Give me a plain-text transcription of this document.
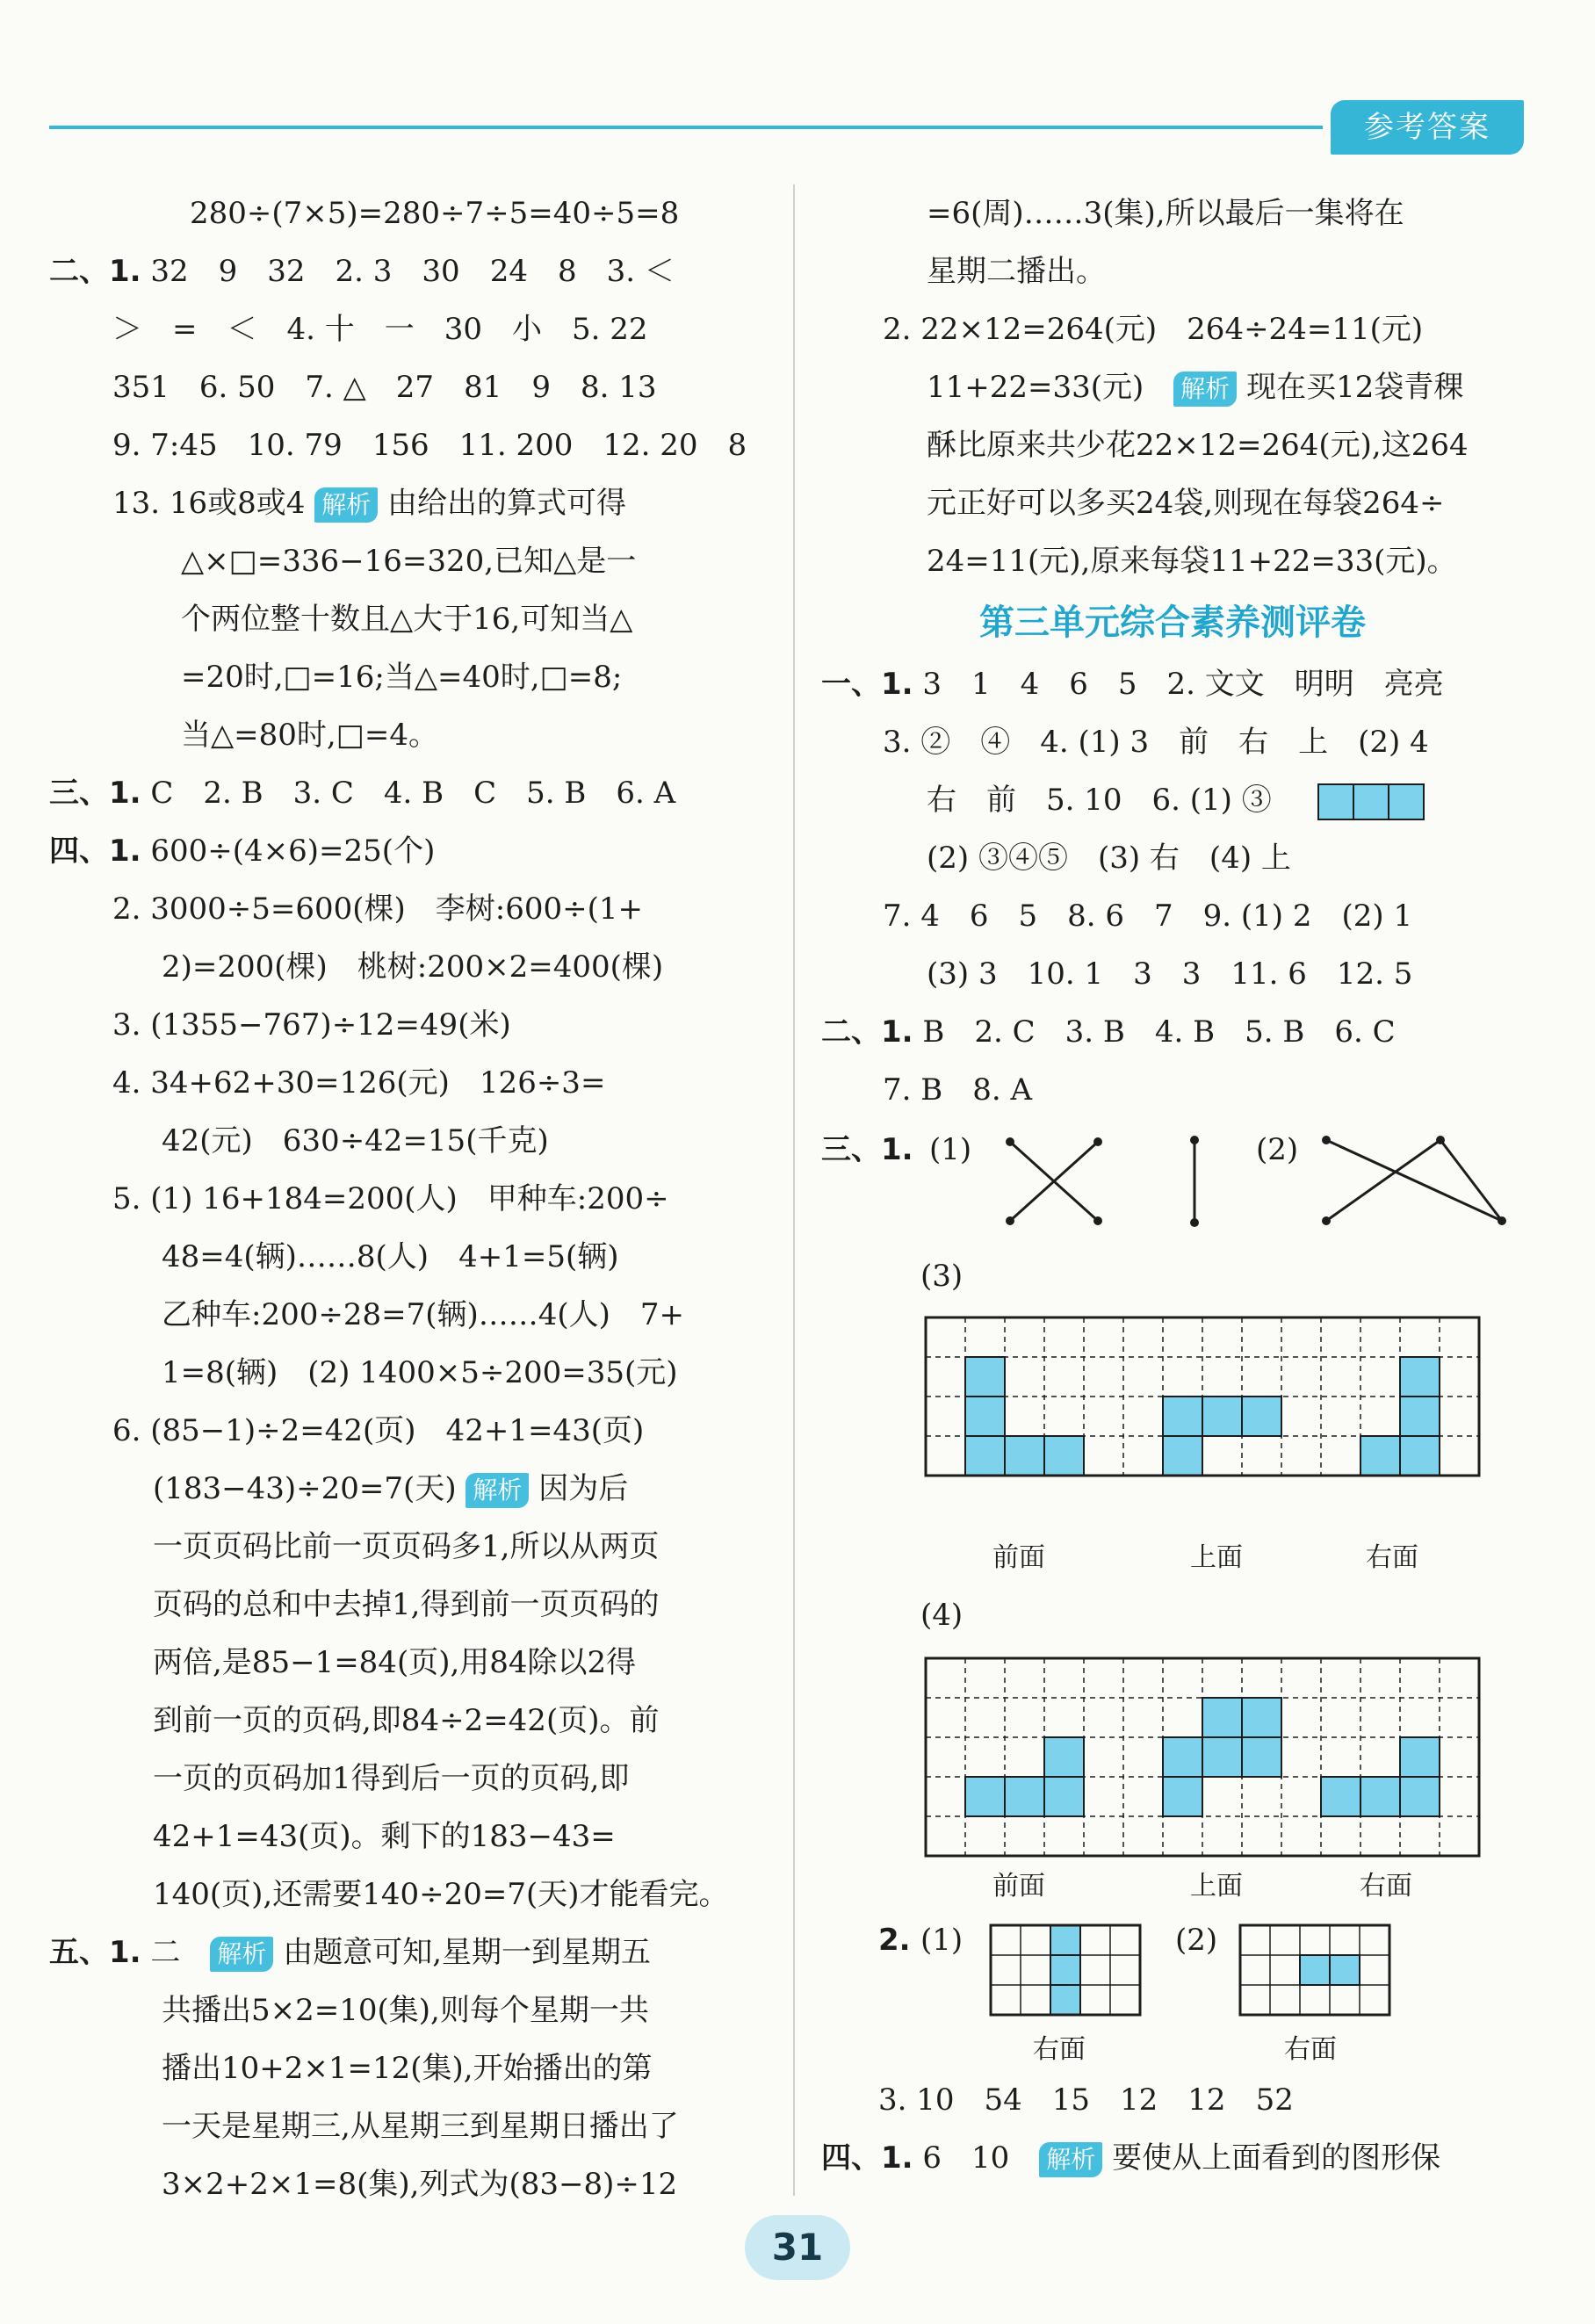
参考答案
280÷(7×5)=280÷7÷5=40÷5=8
二、1. 32　9　32　2. 3　30　24　8　3. ＜
＞　=　＜　4. 十　一　30　小　5. 22
351　6. 50　7. △　27　81　9　8. 13
9. 7:45　10. 79　156　11. 200　12. 20　8
13. 16或8或4 解析 由给出的算式可得
△×□=336−16=320,已知△是一
个两位整十数且△大于16,可知当△
=20时,□=16;当△=40时,□=8;
当△=80时,□=4。
三、1. C　2. B　3. C　4. B　C　5. B　6. A
四、1. 600÷(4×6)=25(个)
2. 3000÷5=600(棵)　李树:600÷(1+
2)=200(棵)　桃树:200×2=400(棵)
3. (1355−767)÷12=49(米)
4. 34+62+30=126(元)　126÷3=
42(元)　630÷42=15(千克)
5. (1) 16+184=200(人)　甲种车:200÷
48=4(辆)……8(人)　4+1=5(辆)
乙种车:200÷28=7(辆)……4(人)　7+
1=8(辆)　(2) 1400×5÷200=35(元)
6. (85−1)÷2=42(页)　42+1=43(页)
(183−43)÷20=7(天) 解析 因为后
一页页码比前一页页码多1,所以从两页
页码的总和中去掉1,得到前一页页码的
两倍,是85−1=84(页),用84除以2得
到前一页的页码,即84÷2=42(页)。前
一页的页码加1得到后一页的页码,即
42+1=43(页)。剩下的183−43=
140(页),还需要140÷20=7(天)才能看完。
五、1. 二　 解析 由题意可知,星期一到星期五
共播出5×2=10(集),则每个星期一共
播出10+2×1=12(集),开始播出的第
一天是星期三,从星期三到星期日播出了
3×2+2×1=8(集),列式为(83−8)÷12
=6(周)……3(集),所以最后一集将在
星期二播出。
2. 22×12=264(元)　264÷24=11(元)
11+22=33(元)　 解析 现在买12袋青稞
酥比原来共少花22×12=264(元),这264
元正好可以多买24袋,则现在每袋264÷
24=11(元),原来每袋11+22=33(元)。
第三单元综合素养测评卷
一、1. 3　1　4　6　5　2. 文文　明明　亮亮
3. ②　④　4. (1) 3　前　右　上　(2) 4
右　前　5. 10　6. (1) ③
(2) ③④⑤　(3) 右　(4) 上
7. 4　6　5　8. 6　7　9. (1) 2　(2) 1
(3) 3　10. 1　3　3　11. 6　12. 5
二、1. B　2. C　3. B　4. B　5. B　6. C
7. B　8. A
三、1. (1)	(2)
(3)
前面	上面	右面
(4)
前面	上面	右面
2. (1)
右面
(2)
右面
3. 10　54　15　12　12　52
四、1. 6　10　 解析 要使从上面看到的图形保
31
